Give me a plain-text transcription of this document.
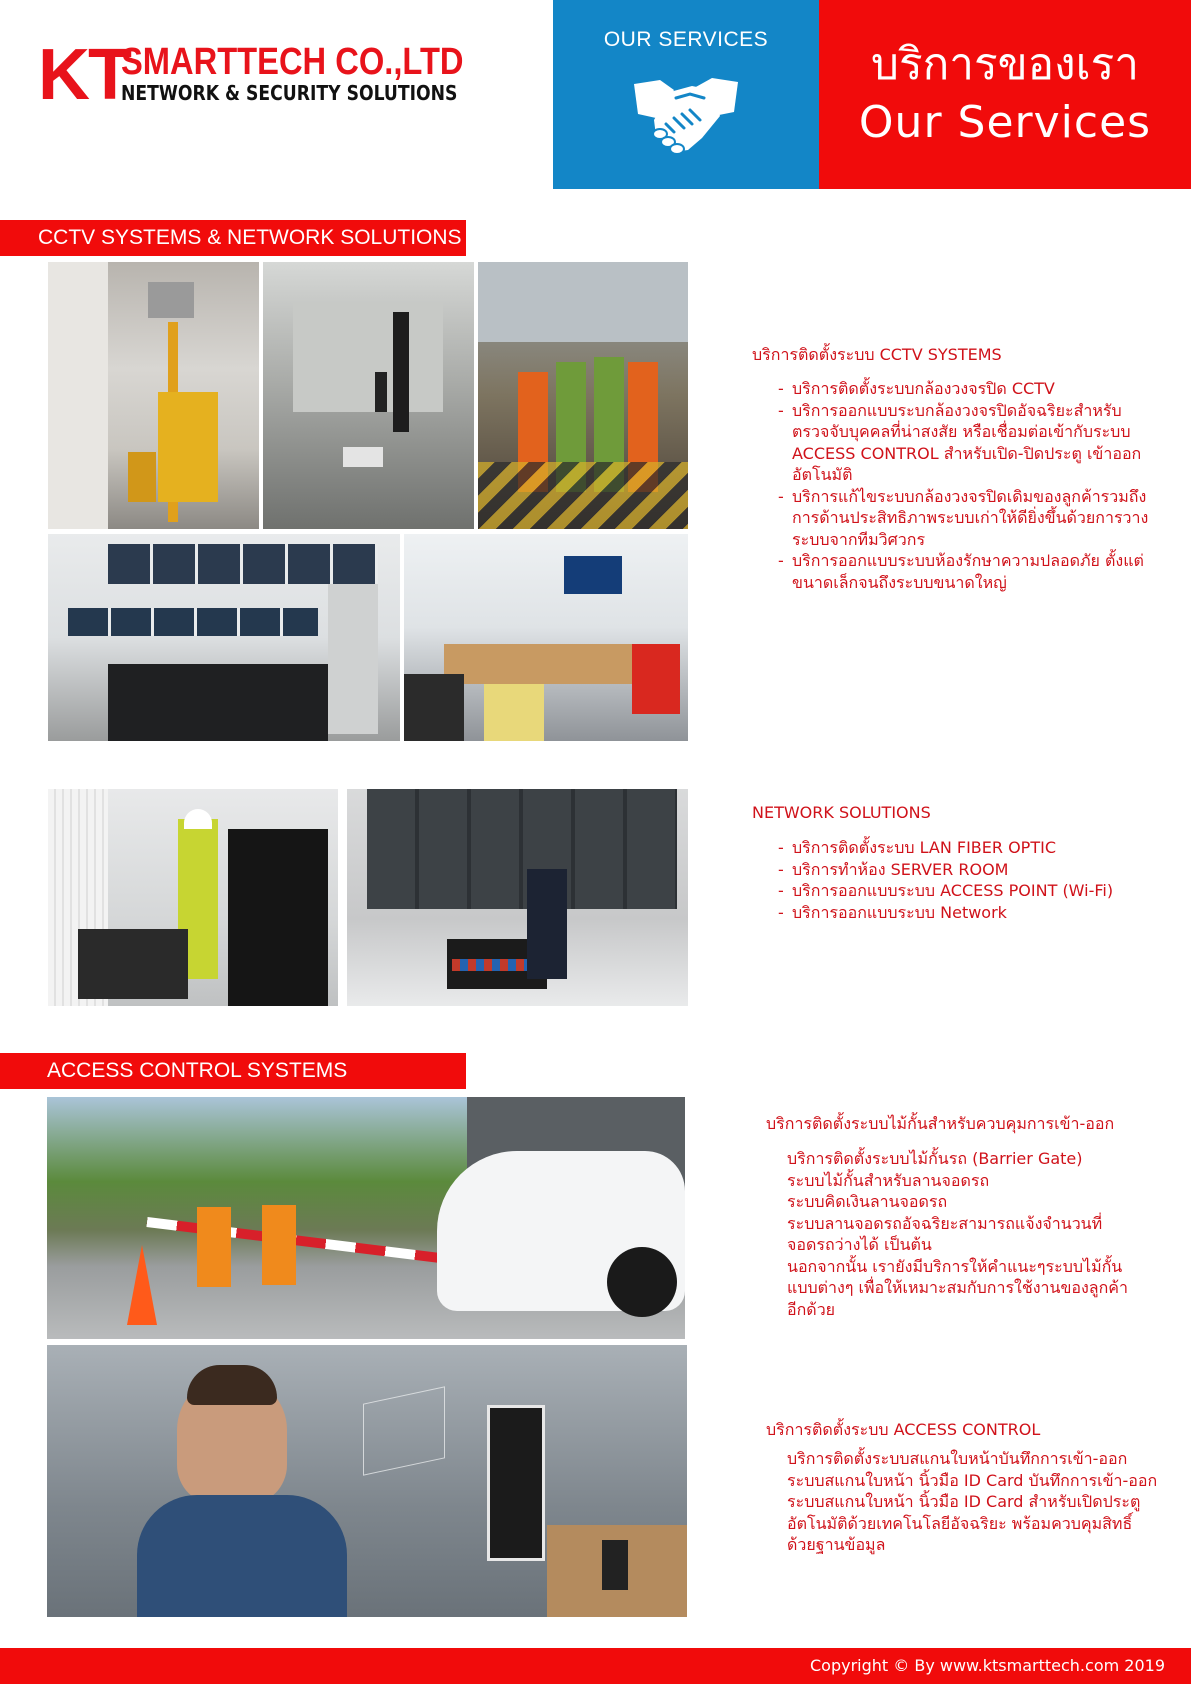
KT
SMARTTECH CO.,LTD
NETWORK & SECURITY SOLUTIONS
OUR SERVICES	บริการของเรา
Our Services
CCTV SYSTEMS & NETWORK SOLUTIONS
บริการติดตั้งระบบ CCTV SYSTEMS
- บริการติดตั้งระบบกล้องวงจรปิด CCTV
- บริการออกแบบระบกล้องวงจรปิดอัจฉริยะสำหรับ ตรวจจับบุคคลที่น่าสงสัย หรือเชื่อมต่อเข้ากับระบบ ACCESS CONTROL สำหรับเปิด-ปิดประตู เข้าออก อัตโนมัติ
- บริการแก้ไขระบบกล้องวงจรปิดเดิมของลูกค้ารวมถึง การด้านประสิทธิภาพระบบเก่าให้ดียิ่งขึ้นด้วยการวาง ระบบจากทีมวิศวกร
- บริการออกแบบระบบห้องรักษาความปลอดภัย ตั้งแต่ขนาดเล็กจนถึงระบบขนาดใหญ่
NETWORK SOLUTIONS
- บริการติดตั้งระบบ LAN FIBER OPTIC
- บริการทำห้อง SERVER ROOM
- บริการออกแบบระบบ ACCESS POINT (Wi-Fi)
- บริการออกแบบระบบ Network
ACCESS CONTROL SYSTEMS
บริการติดตั้งระบบไม้กั้นสำหรับควบคุมการเข้า-ออก
บริการติดตั้งระบบไม้กั้นรถ (Barrier Gate)
ระบบไม้กั้นสำหรับลานจอดรถ
ระบบคิดเงินลานจอดรถ
ระบบลานจอดรถอัจฉริยะสามารถแจ้งจำนวนที่
จอดรถว่างได้ เป็นต้น
นอกจากนั้น เรายังมีบริการให้คำแนะๆระบบไม้กั้น
แบบต่างๆ เพื่อให้เหมาะสมกับการใช้งานของลูกค้า
อีกด้วย
บริการติดตั้งระบบ ACCESS CONTROL
บริการติดตั้งระบบสแกนใบหน้าบันทึกการเข้า-ออก
ระบบสแกนใบหน้า นิ้วมือ ID Card บันทึกการเข้า-ออก
ระบบสแกนใบหน้า นิ้วมือ ID Card สำหรับเปิดประตู
อัตโนมัติด้วยเทคโนโลยีอัจฉริยะ พร้อมควบคุมสิทธิ์
ด้วยฐานข้อมูล
Copyright © By www.ktsmarttech.com 2019
